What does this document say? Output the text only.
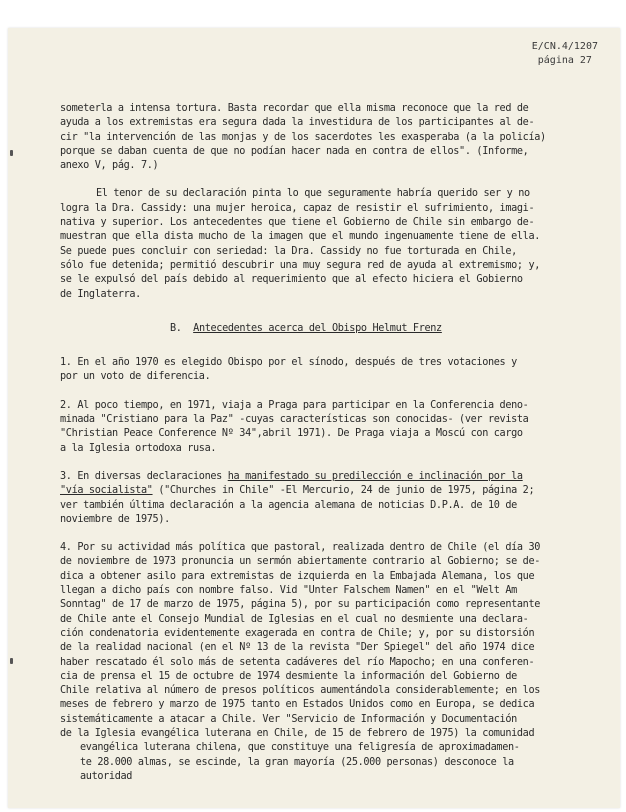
E/CN.4/1207
página 27

someterla a intensa tortura. Basta recordar que ella misma reconoce que la red de

ayuda a los extremistas era segura dada la investidura de los participantes al de-

cir "la intervención de las monjas y de los sacerdotes les exasperaba (a la policía)

porque se daban cuenta de que no podían hacer nada en contra de ellos". (Informe,

anexo V, pág. 7.)

El tenor de su declaración pinta lo que seguramente habría querido ser y no

logra la Dra. Cassidy: una mujer heroica, capaz de resistir el sufrimiento, imagi-

nativa y superior. Los antecedentes que tiene el Gobierno de Chile sin embargo de-

muestran que ella dista mucho de la imagen que el mundo ingenuamente tiene de ella.

Se puede pues concluir con seriedad: la Dra. Cassidy no fue torturada en Chile,

sólo fue detenida; permitió descubrir una muy segura red de ayuda al extremismo; y,

se le expulsó del país debido al requerimiento que al efecto hiciera el Gobierno

de Inglaterra.

B. Antecedentes acerca del Obispo Helmut Frenz

1. En el año 1970 es elegido Obispo por el sínodo, después de tres votaciones y

por un voto de diferencia.

2. Al poco tiempo, en 1971, viaja a Praga para participar en la Conferencia deno-

minada "Cristiano para la Paz" -cuyas características son conocidas- (ver revista

"Christian Peace Conference Nº 34",abril 1971). De Praga viaja a Moscú con cargo

a la Iglesia ortodoxa rusa.

3. En diversas declaraciones ha manifestado su predilección e inclinación por la

"vía socialista" ("Churches in Chile" -El Mercurio, 24 de junio de 1975, página 2;

ver también última declaración a la agencia alemana de noticias D.P.A. de 10 de

noviembre de 1975).

4. Por su actividad más política que pastoral, realizada dentro de Chile (el día 30

de noviembre de 1973 pronuncia un sermón abiertamente contrario al Gobierno; se de-

dica a obtener asilo para extremistas de izquierda en la Embajada Alemana, los que

llegan a dicho país con nombre falso. Vid "Unter Falschem Namen" en el "Welt Am

Sonntag" de 17 de marzo de 1975, página 5), por su participación como representante

de Chile ante el Consejo Mundial de Iglesias en el cual no desmiente una declara-

ción condenatoria evidentemente exagerada en contra de Chile; y, por su distorsión

de la realidad nacional (en el Nº 13 de la revista "Der Spiegel" del año 1974 dice

haber rescatado él solo más de setenta cadáveres del río Mapocho; en una conferen-

cia de prensa el 15 de octubre de 1974 desmiente la información del Gobierno de

Chile relativa al número de presos políticos aumentándola considerablemente; en los

meses de febrero y marzo de 1975 tanto en Estados Unidos como en Europa, se dedica

sistemáticamente a atacar a Chile. Ver "Servicio de Información y Documentación

de la Iglesia evangélica luterana en Chile, de 15 de febrero de 1975) la comunidad

evangélica luterana chilena, que constituye una feligresía de aproximadamen-

te 28.000 almas, se escinde, la gran mayoría (25.000 personas) desconoce la autoridad
